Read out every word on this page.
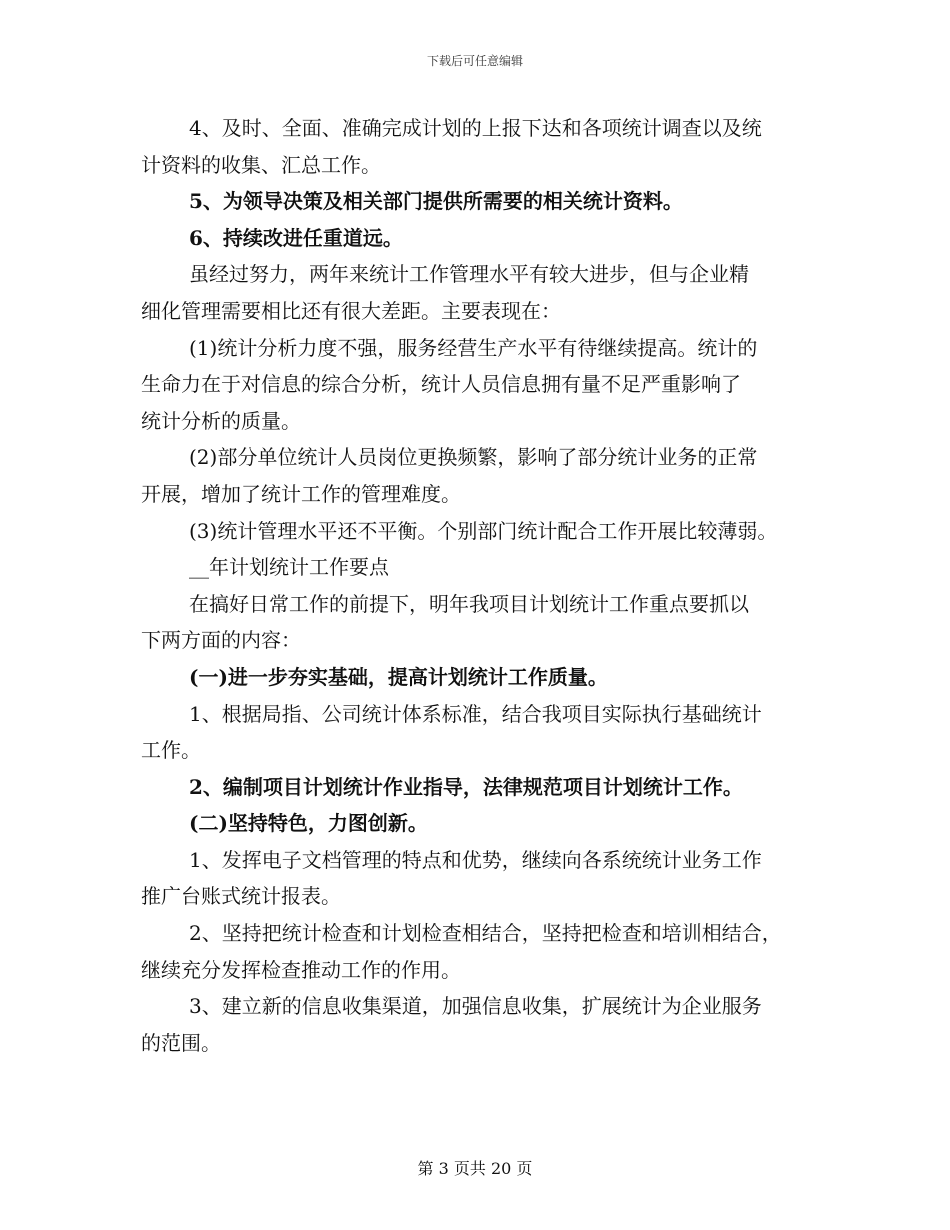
下载后可任意编辑
4、及时、全面、准确完成计划的上报下达和各项统计调查以及统
计资料的收集、汇总工作。
5、为领导决策及相关部门提供所需要的相关统计资料。
6、持续改进任重道远。
虽经过努力，两年来统计工作管理水平有较大进步，但与企业精
细化管理需要相比还有很大差距。主要表现在：
(1)统计分析力度不强，服务经营生产水平有待继续提高。统计的
生命力在于对信息的综合分析，统计人员信息拥有量不足严重影响了
统计分析的质量。
(2)部分单位统计人员岗位更换频繁，影响了部分统计业务的正常
开展，增加了统计工作的管理难度。
(3)统计管理水平还不平衡。个别部门统计配合工作开展比较薄弱。
__年计划统计工作要点
在搞好日常工作的前提下，明年我项目计划统计工作重点要抓以
下两方面的内容：
(一)进一步夯实基础，提高计划统计工作质量。
1、根据局指、公司统计体系标准，结合我项目实际执行基础统计
工作。
2、编制项目计划统计作业指导，法律规范项目计划统计工作。
(二)坚持特色，力图创新。
1、发挥电子文档管理的特点和优势，继续向各系统统计业务工作
推广台账式统计报表。
2、坚持把统计检查和计划检查相结合，坚持把检查和培训相结合，
继续充分发挥检查推动工作的作用。
3、建立新的信息收集渠道，加强信息收集，扩展统计为企业服务
的范围。
第 3 页共 20 页
